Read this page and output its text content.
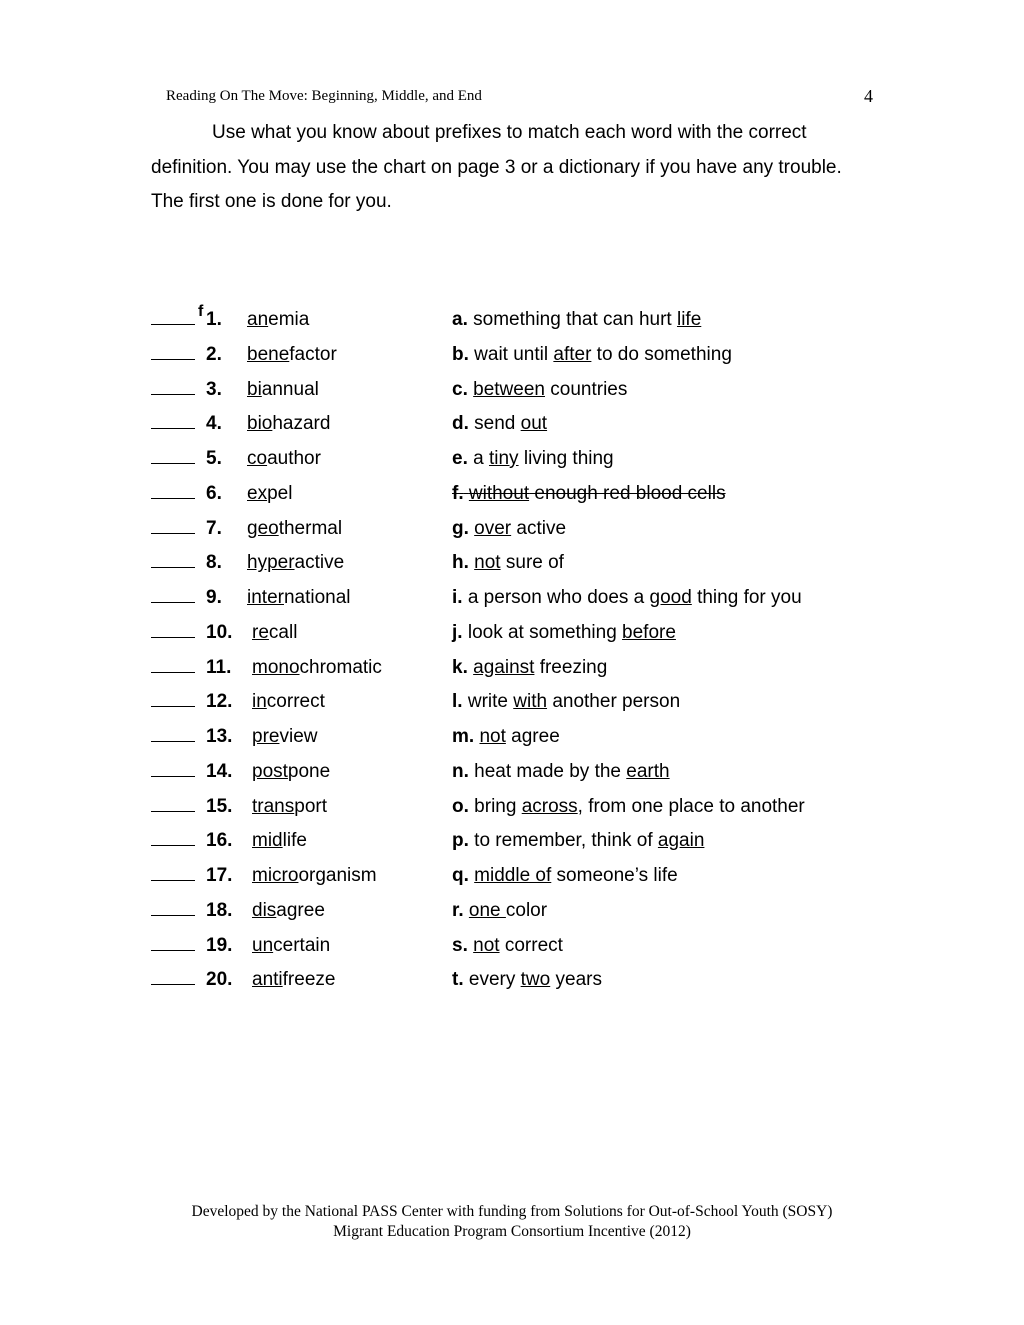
Reading On The Move: Beginning, Middle, and End	4

Use what you know about prefixes to match each word with the correct definition. You may use the chart on page 3 or a dictionary if you have any trouble. The first one is done for you.

f 1. anemia	a. something that can hurt life
2. benefactor	b. wait until after to do something
3. biannual	c. between countries
4. biohazard	d. send out
5. coauthor	e. a tiny living thing
6. expel	f. without enough red blood cells
7. geothermal	g. over active
8. hyperactive	h. not sure of
9. international	i. a person who does a good thing for you
10. recall	j. look at something before
11. monochromatic	k. against freezing
12. incorrect	l. write with another person
13. preview	m. not agree
14. postpone	n. heat made by the earth
15. transport	o. bring across, from one place to another
16. midlife	p. to remember, think of again
17. microorganism	q. middle of someone’s life
18. disagree	r. one color
19. uncertain	s. not correct
20. antifreeze	t. every two years
Developed by the National PASS Center with funding from Solutions for Out-of-School Youth (SOSY)
Migrant Education Program Consortium Incentive (2012)
